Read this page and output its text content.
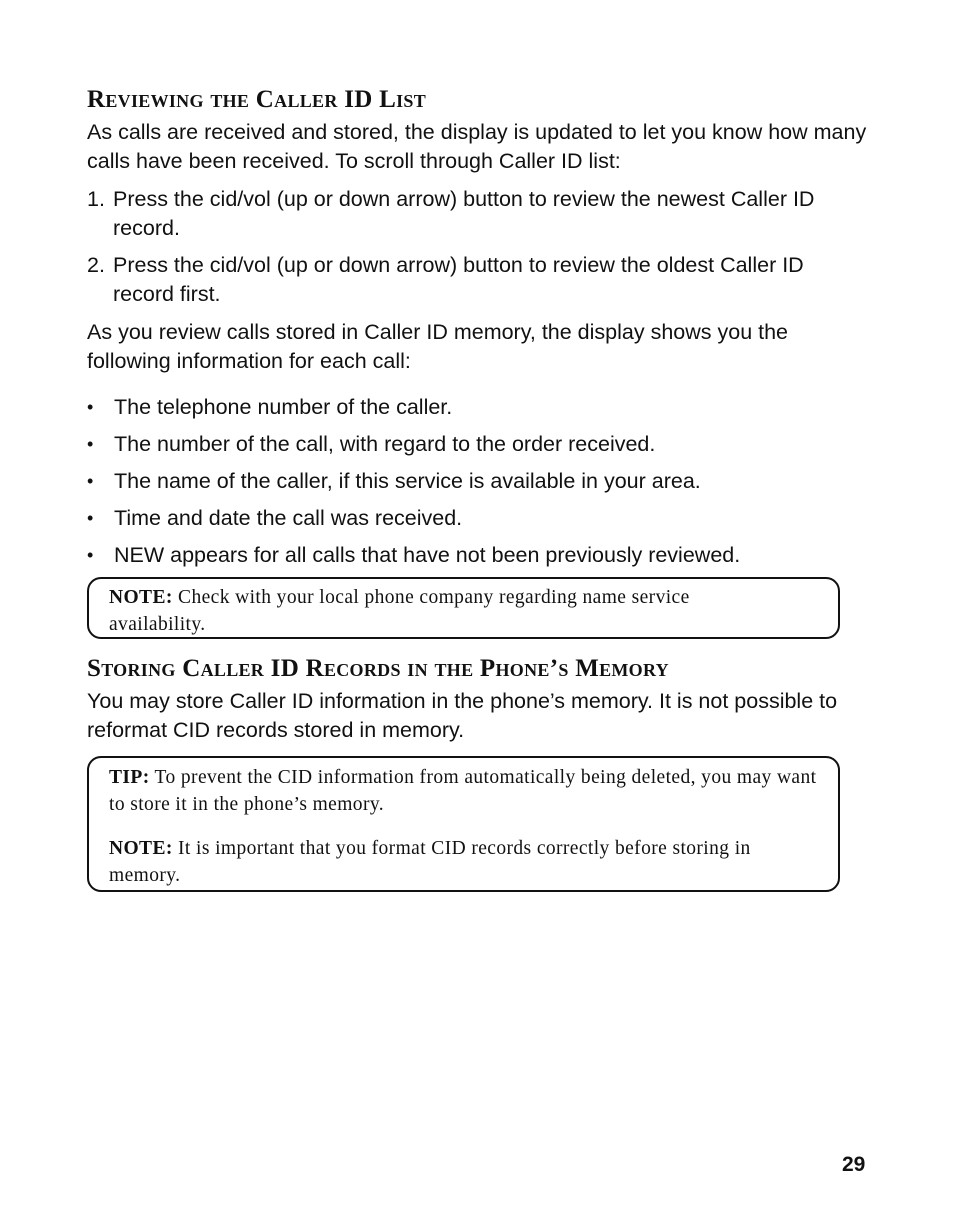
Reviewing the Caller ID List

As calls are received and stored, the display is updated to let you know how many calls have been received. To scroll through Caller ID list:

1. Press the cid/vol (up or down arrow) button to review the newest Caller ID record.
2. Press the cid/vol (up or down arrow) button to review the oldest Caller ID record first.

As you review calls stored in Caller ID memory, the display shows you the following information for each call:

• The telephone number of the caller.
• The number of the call, with regard to the order received.
• The name of the caller, if this service is available in your area.
• Time and date the call was received.
• NEW appears for all calls that have not been previously reviewed.

NOTE: Check with your local phone company regarding name service availability.

Storing Caller ID Records in the Phone’s Memory

You may store Caller ID information in the phone’s memory. It is not possible to reformat CID records stored in memory.

TIP: To prevent the CID information from automatically being deleted, you may want to store it in the phone’s memory.

NOTE: It is important that you format CID records correctly before storing in memory.

29
